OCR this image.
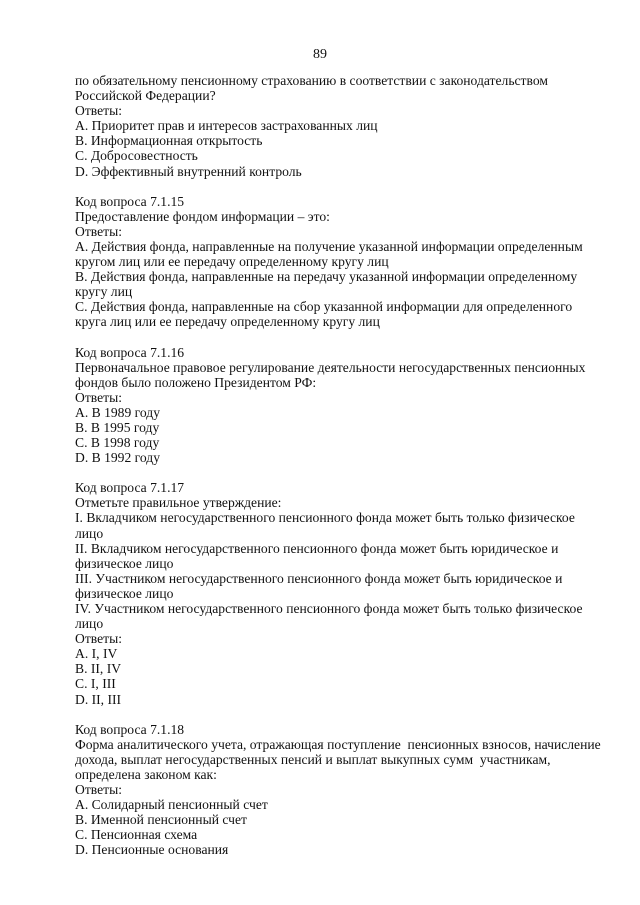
89
по обязательному пенсионному страхованию в соответствии с законодательством
Российской Федерации?
Ответы:
A. Приоритет прав и интересов застрахованных лиц
B. Информационная открытость
C. Добросовестность
D. Эффективный внутренний контроль
Код вопроса 7.1.15
Предоставление фондом информации – это:
Ответы:
A. Действия фонда, направленные на получение указанной информации определенным
кругом лиц или ее передачу определенному кругу лиц
B. Действия фонда, направленные на передачу указанной информации определенному
кругу лиц
C. Действия фонда, направленные на сбор указанной информации для определенного
круга лиц или ее передачу определенному кругу лиц
Код вопроса 7.1.16
Первоначальное правовое регулирование деятельности негосударственных пенсионных
фондов было положено Президентом РФ:
Ответы:
A. В 1989 году
B. В 1995 году
C. В 1998 году
D. В 1992 году
Код вопроса 7.1.17
Отметьте правильное утверждение:
I. Вкладчиком негосударственного пенсионного фонда может быть только физическое
лицо
II. Вкладчиком негосударственного пенсионного фонда может быть юридическое и
физическое лицо
III. Участником негосударственного пенсионного фонда может быть юридическое и
физическое лицо
IV. Участником негосударственного пенсионного фонда может быть только физическое
лицо
Ответы:
A. I, IV
B. II, IV
C. I, III
D. II, III
Код вопроса 7.1.18
Форма аналитического учета, отражающая поступление  пенсионных взносов, начисление
дохода, выплат негосударственных пенсий и выплат выкупных сумм  участникам,
определена законом как:
Ответы:
A. Солидарный пенсионный счет
B. Именной пенсионный счет
C. Пенсионная схема
D. Пенсионные основания
